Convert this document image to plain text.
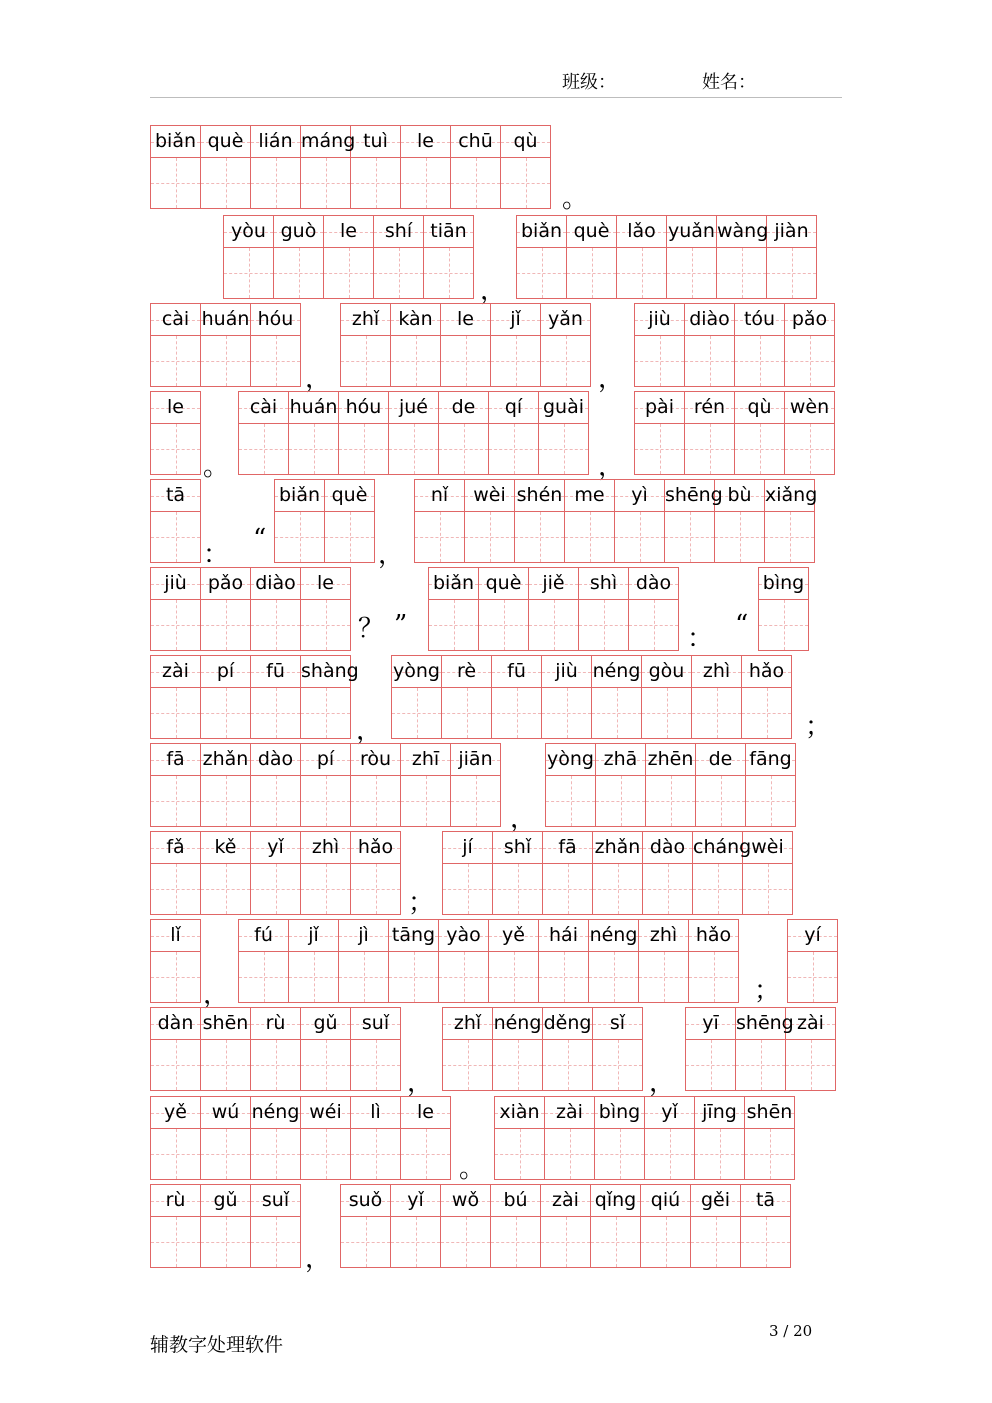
班级：	姓名：
biǎn què lián máng tuì	le	chū	qù
。
yòu guò	le	shí tiān	biǎn què lǎo yuǎn wàng jiàn
，
cài huán hóu	zhǐ	kàn	le	jǐ	yǎn	jiù diào tóu pǎo
，	，
le	cài huán hóu jué	de	qí	guài	pài	rén	qù wèn
。	，
tā	biǎn què	nǐ	wèi shén me	yì shēng bù xiǎng
：
“
，
jiù	pǎo diào	le	biǎn què	jiě	shì dào	bìng
？ ”	： “
zài	pí	fū shàng yòng rè	fū	jiù néng gòu zhì hǎo
，	；
fā zhǎn dào	pí	ròu	zhī	jiān	yòng zhā zhēn de fāng
，
fǎ	kě	yǐ	zhì hǎo	jí	shǐ	fā zhǎn dào cháng wèi
；
lǐ	fú	jǐ	jì	tāng yào	yě	hái néng zhì hǎo	yí
，	；
dàn shēn rù	gǔ	suǐ	zhǐ néng děng sǐ	yī shēng zài
，	，
yě	wú néng wéi	lì	le	xiàn zài bìng	yǐ	jīng shēn
。
rù	gǔ	suǐ	suǒ	yǐ	wǒ	bú	zài qǐng qiú	gěi	tā
，
辅教字处理软件
3 / 20
